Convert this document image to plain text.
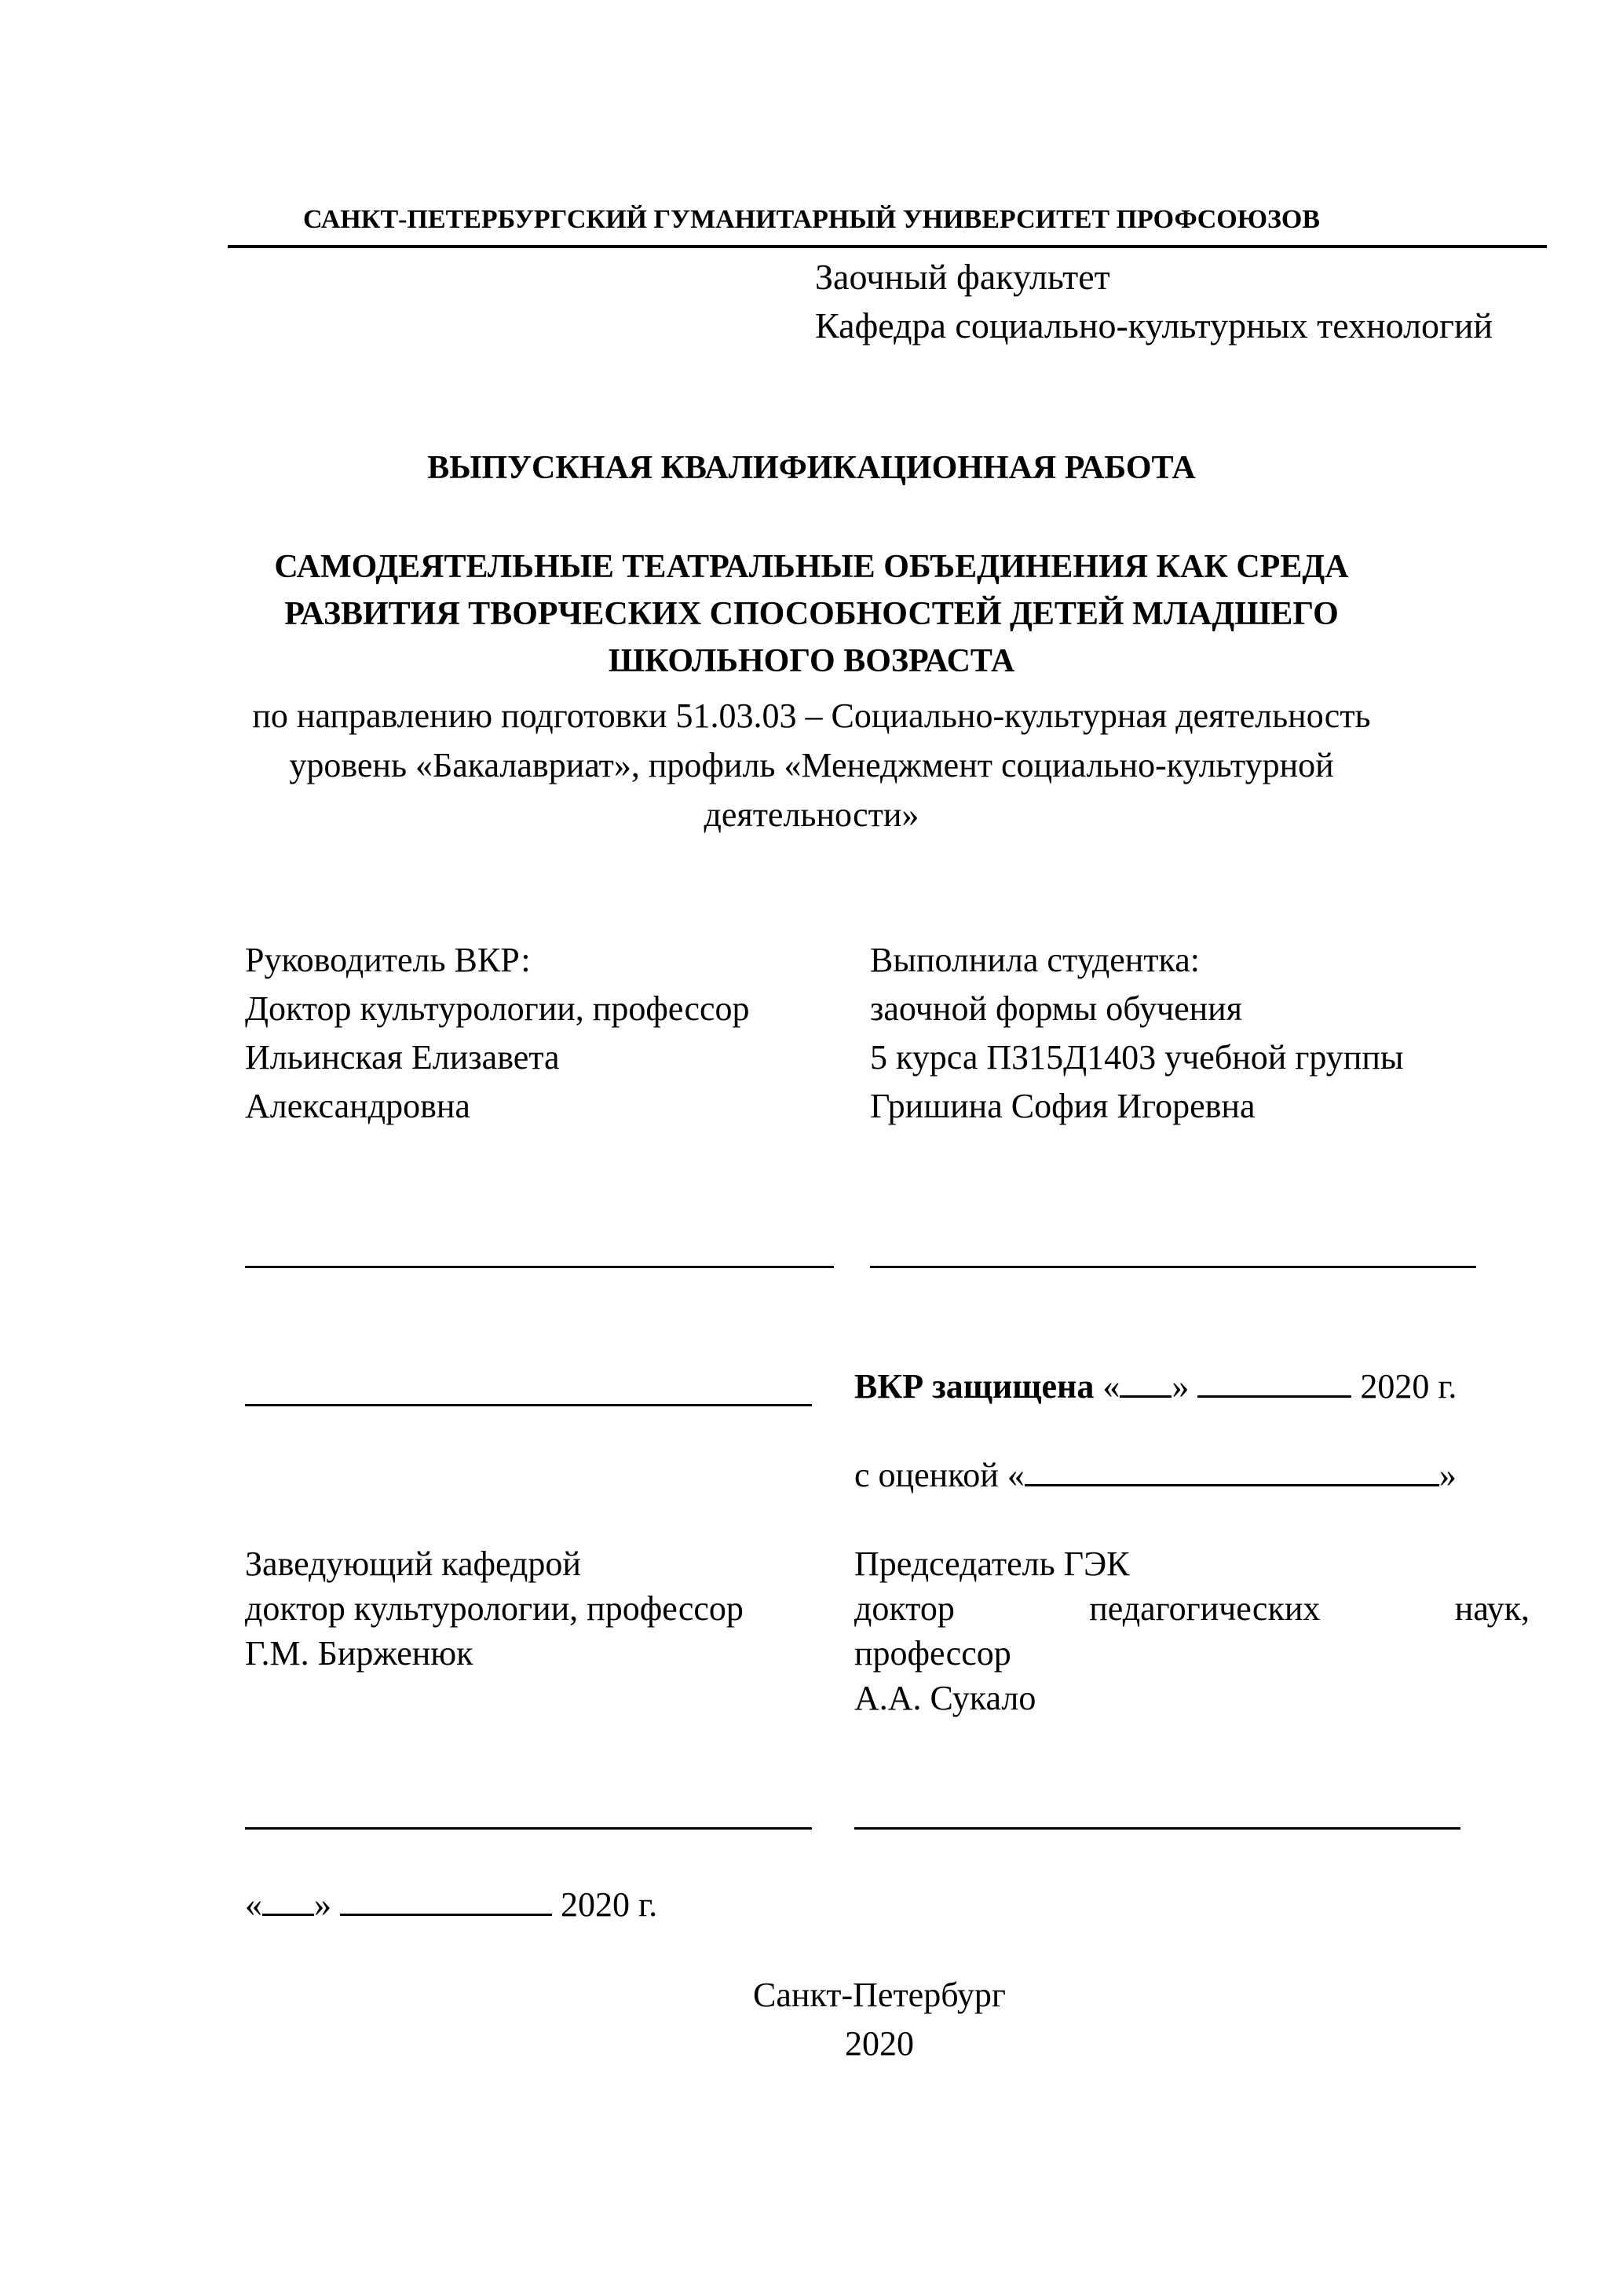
САНКТ-ПЕТЕРБУРГСКИЙ ГУМАНИТАРНЫЙ УНИВЕРСИТЕТ ПРОФСОЮЗОВ
Заочный факультет
Кафедра социально-культурных технологий
ВЫПУСКНАЯ КВАЛИФИКАЦИОННАЯ РАБОТА
САМОДЕЯТЕЛЬНЫЕ ТЕАТРАЛЬНЫЕ ОБЪЕДИНЕНИЯ КАК СРЕДА
РАЗВИТИЯ ТВОРЧЕСКИХ СПОСОБНОСТЕЙ ДЕТЕЙ МЛАДШЕГО
ШКОЛЬНОГО ВОЗРАСТА
по направлению подготовки 51.03.03 – Социально-культурная деятельность
уровень «Бакалавриат», профиль «Менеджмент социально-культурной
деятельности»
Руководитель ВКР:
Доктор культурологии, профессор
Ильинская Елизавета
Александровна
Выполнила студентка:
заочной формы обучения
5 курса ПЗ15Д1403 учебной группы
Гришина София Игоревна
ВКР защищена « »	2020 г.
с оценкой «	»
Заведующий кафедрой
доктор культурологии, профессор
Г.М. Бирженюк
Председатель ГЭК
доктор	педагогических	наук,
профессор
А.А. Сукало
« »	2020 г.
Санкт-Петербург
2020
